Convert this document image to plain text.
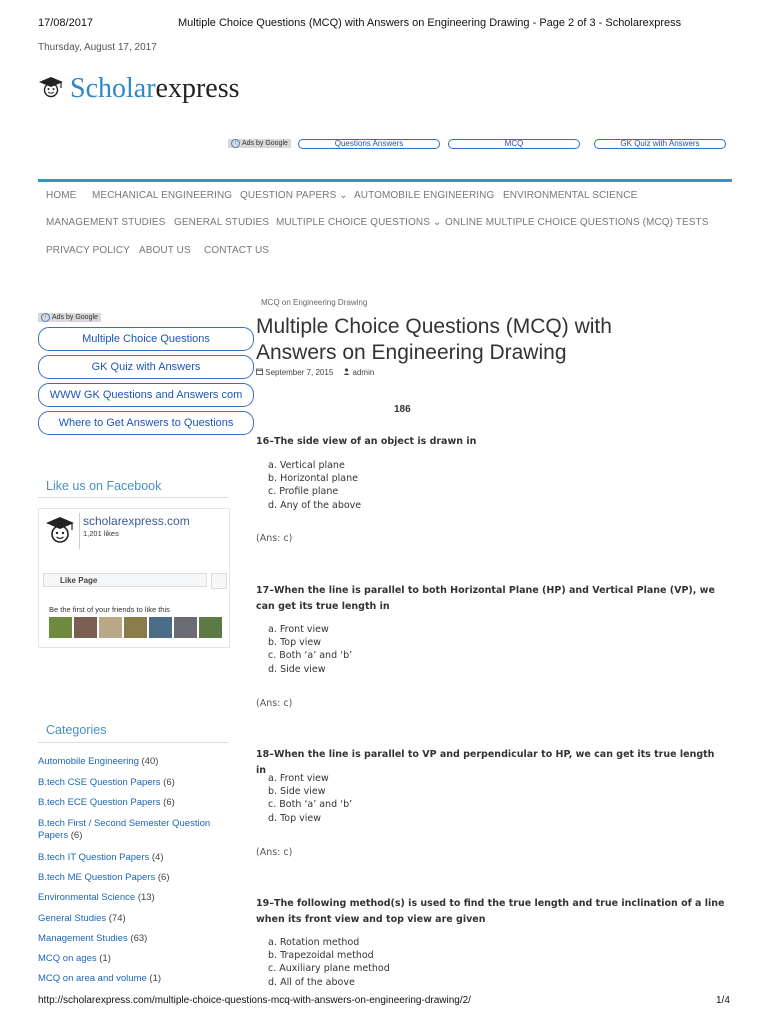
17/08/2017	Multiple Choice Questions (MCQ) with Answers on Engineering Drawing - Page 2 of 3 - Scholarexpress
Thursday, August 17, 2017
Scholarexpress
i Ads by Google	Questions Answers	MCQ	GK Quiz with Answers
HOME MECHANICAL ENGINEERING QUESTION PAPERS ⌄ AUTOMOBILE ENGINEERING ENVIRONMENTAL SCIENCE
MANAGEMENT STUDIES GENERAL STUDIES MULTIPLE CHOICE QUESTIONS ⌄ ONLINE MULTIPLE CHOICE QUESTIONS (MCQ) TESTS
PRIVACY POLICY ABOUT US CONTACT US
i Ads by Google
Multiple Choice Questions
GK Quiz with Answers
WWW GK Questions and Answers com
Where to Get Answers to Questions
Like us on Facebook
scholarexpress.com
1,201 likes
Like Page
Be the first of your friends to like this
Categories
Automobile Engineering (40)
B.tech CSE Question Papers (6)
B.tech ECE Question Papers (6)
B.tech First / Second Semester Question Papers (6)
B.tech IT Question Papers (4)
B.tech ME Question Papers (6)
Environmental Science (13)
General Studies (74)
Management Studies (63)
MCQ on ages (1)
MCQ on area and volume (1)
MCQ on Engineering Drawing
Multiple Choice Questions (MCQ) with
Answers on Engineering Drawing
September 7, 2015	admin
186
16–The side view of an object is drawn in
a. Vertical plane
b. Horizontal plane
c. Profile plane
d. Any of the above
(Ans: c)
17–When the line is parallel to both Horizontal Plane (HP) and Vertical Plane (VP), we can get its true length in
a. Front view
b. Top view
c. Both ‘a’ and ‘b’
d. Side view
(Ans: c)
18–When the line is parallel to VP and perpendicular to HP, we can get its true length in
a. Front view
b. Side view
c. Both ‘a’ and ‘b’
d. Top view
(Ans: c)
19–The following method(s) is used to find the true length and true inclination of a line when its front view and top view are given
a. Rotation method
b. Trapezoidal method
c. Auxiliary plane method
d. All of the above
http://scholarexpress.com/multiple-choice-questions-mcq-with-answers-on-engineering-drawing/2/	1/4
